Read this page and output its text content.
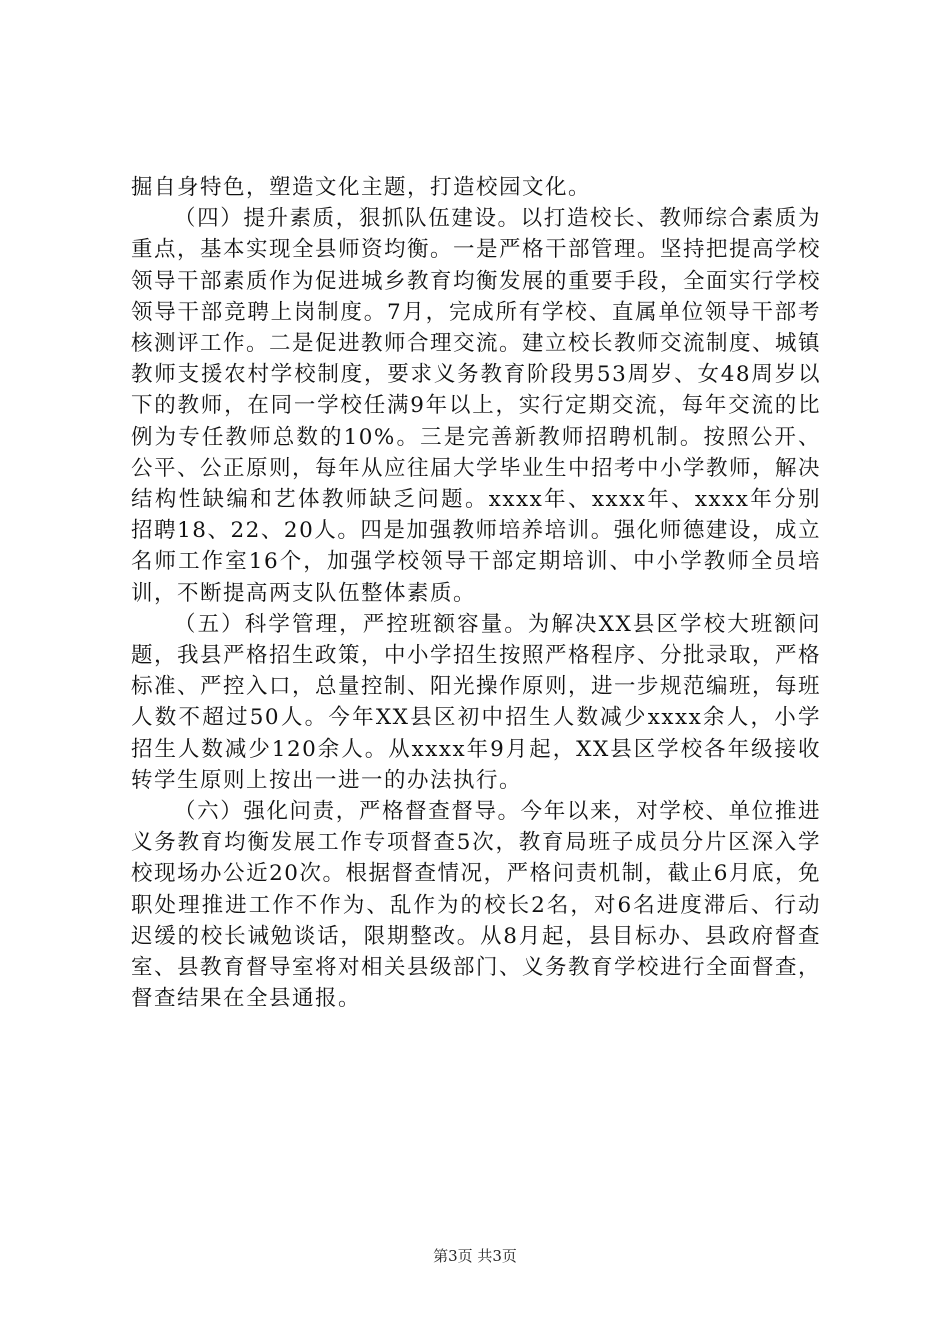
掘自身特色，塑造文化主题，打造校园文化。

（四）提升素质，狠抓队伍建设。以打造校长、教师综合素质为重点，基本实现全县师资均衡。一是严格干部管理。坚持把提高学校领导干部素质作为促进城乡教育均衡发展的重要手段，全面实行学校领导干部竞聘上岗制度。7月，完成所有学校、直属单位领导干部考核测评工作。二是促进教师合理交流。建立校长教师交流制度、城镇教师支援农村学校制度，要求义务教育阶段男53周岁、女48周岁以下的教师，在同一学校任满9年以上，实行定期交流，每年交流的比例为专任教师总数的10%。三是完善新教师招聘机制。按照公开、公平、公正原则，每年从应往届大学毕业生中招考中小学教师，解决结构性缺编和艺体教师缺乏问题。xxxx年、xxxx年、xxxx年分别招聘18、22、20人。四是加强教师培养培训。强化师德建设，成立名师工作室16个，加强学校领导干部定期培训、中小学教师全员培训，不断提高两支队伍整体素质。

（五）科学管理，严控班额容量。为解决XX县区学校大班额问题，我县严格招生政策，中小学招生按照严格程序、分批录取，严格标准、严控入口，总量控制、阳光操作原则，进一步规范编班，每班人数不超过50人。今年XX县区初中招生人数减少xxxx余人，小学招生人数减少120余人。从xxxx年9月起，XX县区学校各年级接收转学生原则上按出一进一的办法执行。

（六）强化问责，严格督查督导。今年以来，对学校、单位推进义务教育均衡发展工作专项督查5次，教育局班子成员分片区深入学校现场办公近20次。根据督查情况，严格问责机制，截止6月底，免职处理推进工作不作为、乱作为的校长2名，对6名进度滞后、行动迟缓的校长诫勉谈话，限期整改。从8月起，县目标办、县政府督查室、县教育督导室将对相关县级部门、义务教育学校进行全面督查，督查结果在全县通报。

第3页 共3页
